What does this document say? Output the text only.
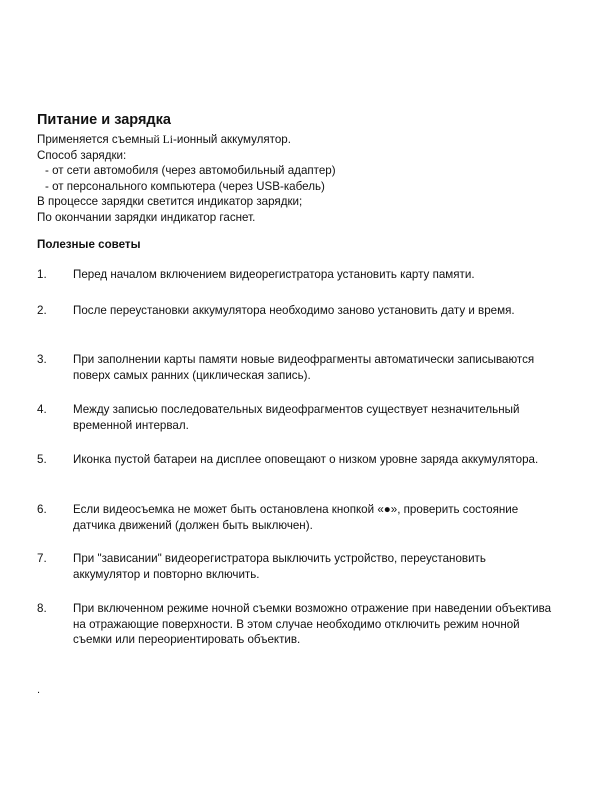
Питание и зарядка
Применяется съемный Li-ионный аккумулятор.
Способ зарядки:
- от сети автомобиля (через автомобильный адаптер)
- от персонального компьютера (через USB-кабель)
В процессе зарядки светится индикатор зарядки;
По окончании зарядки индикатор гаснет.
Полезные советы
1.	Перед началом включением видеорегистратора установить карту памяти.
2.	После переустановки аккумулятора необходимо заново установить дату и время.
3.	При заполнении карты памяти новые видеофрагменты автоматически записываются поверх самых ранних (циклическая запись).
4.	Между записью последовательных видеофрагментов существует незначительный временной интервал.
5.	Иконка пустой батареи на дисплее оповещают о низком уровне заряда аккумулятора.
6.	Если видеосъемка не может быть остановлена кнопкой «●», проверить состояние датчика движений (должен быть выключен).
7.	При "зависании" видеорегистратора выключить устройство, переустановить аккумулятор и повторно включить.
8.	При включенном режиме ночной съемки возможно отражение при наведении объектива на отражающие поверхности. В этом случае необходимо отключить режим ночной съемки или переориентировать объектив.
.
